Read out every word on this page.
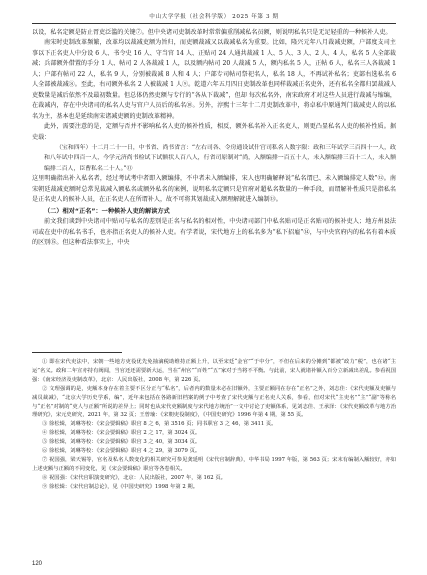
中山大学学报（社会科学版） 2025 年第 3 期

以设，私名定额是防止胥吏泛滥的关键⑦。但中央诸司吏制改革时常常偏重削减私名员额，则说明私名只是无足轻重的一种候补人吏。

南宋时吏制改革频繁，改革均以裁减吏额为旨归，而吏额裁减又以裁减私名为重要。比如，隆兴元年八月裁减吏额，户部度支司主事以下正名吏人中分设 6 人、书令史 16 人、守当官 14 人、正贴司 24 人通共裁减 1 人、5 人、3 人、2 人、4 人，私名 5 人全部裁减；兵部额外借置的手分 1 人、帖司 2 人各裁减 1 人，以及额内帖司 20 人裁减 5 人，额内私名 5 人，正帖 6 人，私名三人各裁减 1 人；户部有帖司 22 人，私名 9 人，分别被裁减 8 人和 4 人；户部专司帖司祭祀名人，私名 18 人，不再试补私名；吏部右选私名 6 人全部被裁减⑧。至此，右司额外私名 2 人被裁减 1 人⑨。乾道六年五月四日吏制改革也同样裁减正名吏外，还有私名全都归罢裁减人吏数量是减后依然不及最初数量。但总体仍然吏额与专行的“各从下裁减”，但却 每次私名外，南宋政府才对这些人员进行裁减与缩编，在裁减内，存在中央诸司的私名人吏与官户人员后的私名⑩。另外，淳熙十三年十二月吏制改革中，将卓私中原通判门裁减吏人的以私名为主，基本也是延续南宋诸减吏额的吏制改革精神。

此外，需要注意的是，定额与否并不影响私名人吏的候补性质，相反，额外私名补入正名吏人，则更凸显私名人吏的候补性质。据史载：

（宝和四年）十二月二十一日，中书省、尚书省言：“左右司各、令房通设试什官司私名人数字限：政和三年试学三百四十一人，政和八年试中四百一人，今学元济尚书检试下试额状人百八人，行省司原制对“尚，入额编排一百五十人，未入额编排三百十二人，未入额编排二百人，臣曹私名二十人。”⑪

这里明确指出补入私名者，经过考试考中者即入额编排，不中者未入额编排，宋人也明确解释说“私名谓已、未入额编排定人数”⑫。南宋朝廷裁减吏额时总常见裁减入额私名或额外私名的案例，说明私名定额只是官府对超私名数量的一种手段，而谓解补性质只是指私名是正名吏人的候补人员，在正名吏人在所谓补人，故不可将其划裁成入额理解就进入编制⑬。

（二）相对“正名”：一种候补人吏的解读方式

前文我们谈到中央诸司中贴司与私名的差别是正名与私名的相对性，中央诸司部门中私名贴司是正名贴司的候补吏人；地方州县法司或在吏中的私名书手，也亦指正名吏人的候补人吏。有学者说，宋代地方上的私名多为“私下招雇”⑭，与中央官府内的私名有着本质的区别⑮。但这种看法事实上，中央

① 即在宋代吏法中，宋朝一些地方吏役优先免抽滴税助维持正额上升，以至宋廷“金官”“于中分”，不但在后来的分摊到“都被“政力”税”，也在诸“主运”名义。政和二年宣亦持有阀闻，当官还还需要新大运，当在“州官”“百姓”“五”家对于当将不平衡。与此前，宋人就诸补额入百分立新减出差乱。参看祝国强：《南宋经济及吏制改革》，北京：人民出版社，2008 年，第 226 页。

② 文理强调的是，吏额本身存在着主要不区分正与“私名”，后者内的数量未必在旧额外，主要正额同在存在“正名”之外，刘志佳：《宋代吏额及吏额与减员裁减》，“北京大学历史学系，编”，近年来包括在各路新旧档案的例子中考查了宋代吏额与正名吏人关系，参看，但对宋代“主吏名”“主”“副”等称名与“正名”对制的“吏人与正额”所说的差异上；同时也从宋代吏额制度与宋代地方统治”一文中讨论了吏额体系，见刘志佳、王承泽：《宋代吏额改革与地方治理研究》，宋元史研究，2021 年，第 32 页；王曾瑜：《宋朝吏役制度》，《中国史研究》1996 年第 4 期，第 55 页。

③ 徐松辑，刘琳等校：《宋会要辑稿》职官 8 之 6，第 3516 页；同书职官 3 之 46，第 3411 页。

④ 徐松辑，刘琳等校：《宋会要辑稿》职官 2 之 17，第 3024 页。

⑤ 徐松辑，刘琳等校：《宋会要辑稿》职官 3 之 40，第 3034 页。

⑥ 徐松辑，刘琳等校：《宋会要辑稿》职官 4 之 29，第 3079 页。

⑦ 祝国强，梁天锡等，官名及私名人数变化的相关研究可参见龚延明《宋代官制辞典》，中华书局 1997 年版，第 563 页；宋末有编制入额较好，亦如上述吏额与正额的不同变化，见《宋会要辑稿》职官等各卷相关。

⑧ 祝国强：《宋代官职演变研究》，北京：人民出版社，2007 年，第 162 页。

⑨ 徐松辑：《宋代官制总论》，见《中国史研究》1998 年第 2 期。

120
